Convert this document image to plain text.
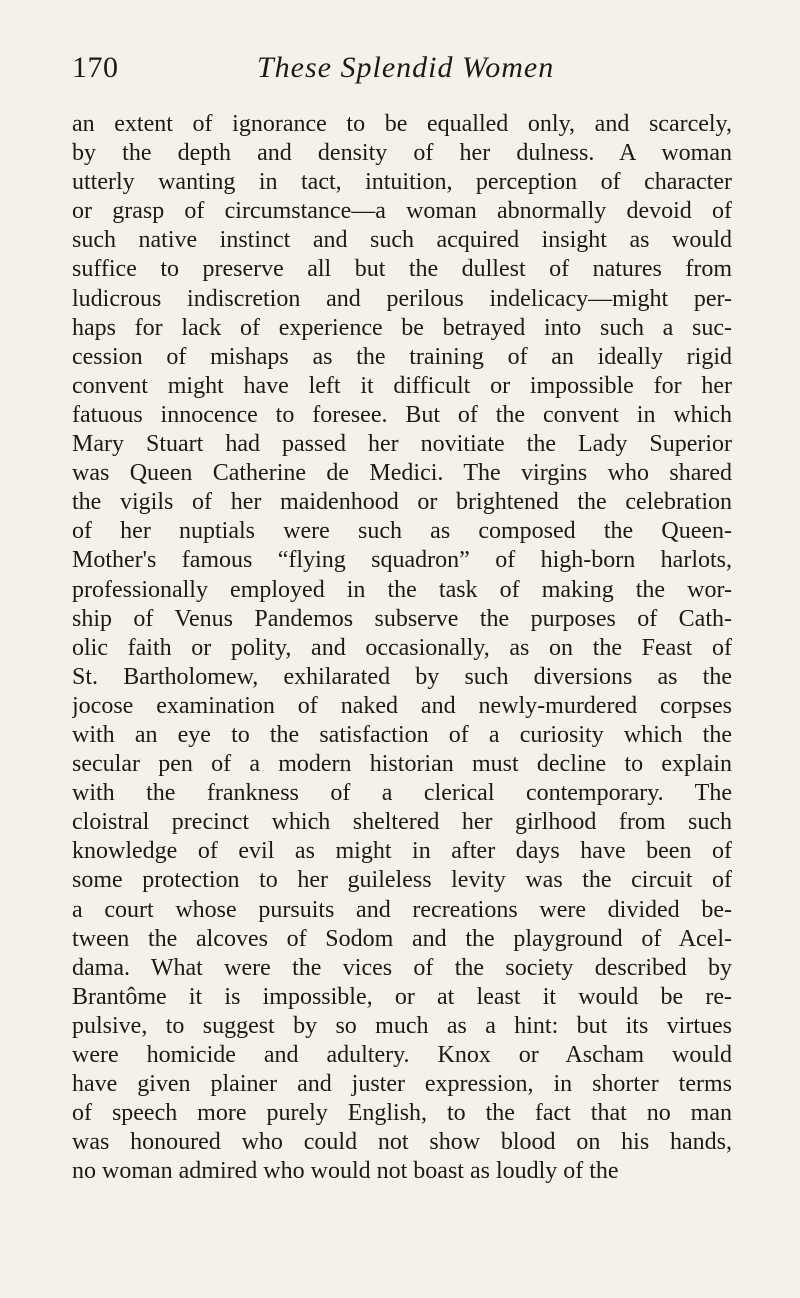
170	These Splendid Women
an extent of ignorance to be equalled only, and scarcely,
by the depth and density of her dulness. A woman
utterly wanting in tact, intuition, perception of character
or grasp of circumstance—a woman abnormally devoid of
such native instinct and such acquired insight as would
suffice to preserve all but the dullest of natures from
ludicrous indiscretion and perilous indelicacy—might per-
haps for lack of experience be betrayed into such a suc-
cession of mishaps as the training of an ideally rigid
convent might have left it difficult or impossible for her
fatuous innocence to foresee. But of the convent in which
Mary Stuart had passed her novitiate the Lady Superior
was Queen Catherine de Medici. The virgins who shared
the vigils of her maidenhood or brightened the celebration
of her nuptials were such as composed the Queen-
Mother's famous “flying squadron” of high-born harlots,
professionally employed in the task of making the wor-
ship of Venus Pandemos subserve the purposes of Cath-
olic faith or polity, and occasionally, as on the Feast of
St. Bartholomew, exhilarated by such diversions as the
jocose examination of naked and newly-murdered corpses
with an eye to the satisfaction of a curiosity which the
secular pen of a modern historian must decline to explain
with the frankness of a clerical contemporary. The
cloistral precinct which sheltered her girlhood from such
knowledge of evil as might in after days have been of
some protection to her guileless levity was the circuit of
a court whose pursuits and recreations were divided be-
tween the alcoves of Sodom and the playground of Acel-
dama. What were the vices of the society described by
Brantôme it is impossible, or at least it would be re-
pulsive, to suggest by so much as a hint: but its virtues
were homicide and adultery. Knox or Ascham would
have given plainer and juster expression, in shorter terms
of speech more purely English, to the fact that no man
was honoured who could not show blood on his hands,
no woman admired who would not boast as loudly of the
